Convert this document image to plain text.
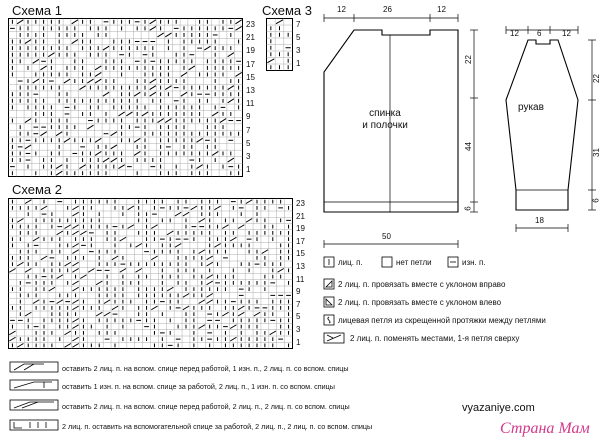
Схема 1
23
21
19
17
15
13
11
9
7
5
3
1
Схема 3
7
5
3
1
Схема 2
23
21
19
17
15
13
11
9
7
5
3
1
12	26	12
22
44
6
50
спинка
и полочки
12 6	12
22
31
6
18
рукав
лиц. п.	нет петли	изн. п.
2 лиц. п. провязать вместе с уклоном вправо
2 лиц. п. провязать вместе с уклоном влево
лицевая петля из скрещенной протяжки между петлями
2 лиц. п. поменять местами, 1-я петля сверху
оставить 2 лиц. п. на вспом. спице перед работой, 1 изн. п., 2 лиц. п. со вспом. спицы
оставить 1 изн. п. на вспом. спице за работой, 2 лиц. п., 1 изн. п. со вспом. спицы
оставить 2 лиц. п. на вспом. спице перед работой, 2 лиц. п., 2 лиц. п. со вспом. спицы
2 лиц. п. оставить на вспомогательной спице за работой, 2 лиц. п., 2 лиц. п. со вспом. спицы
vyazaniye.com
Страна Мам
